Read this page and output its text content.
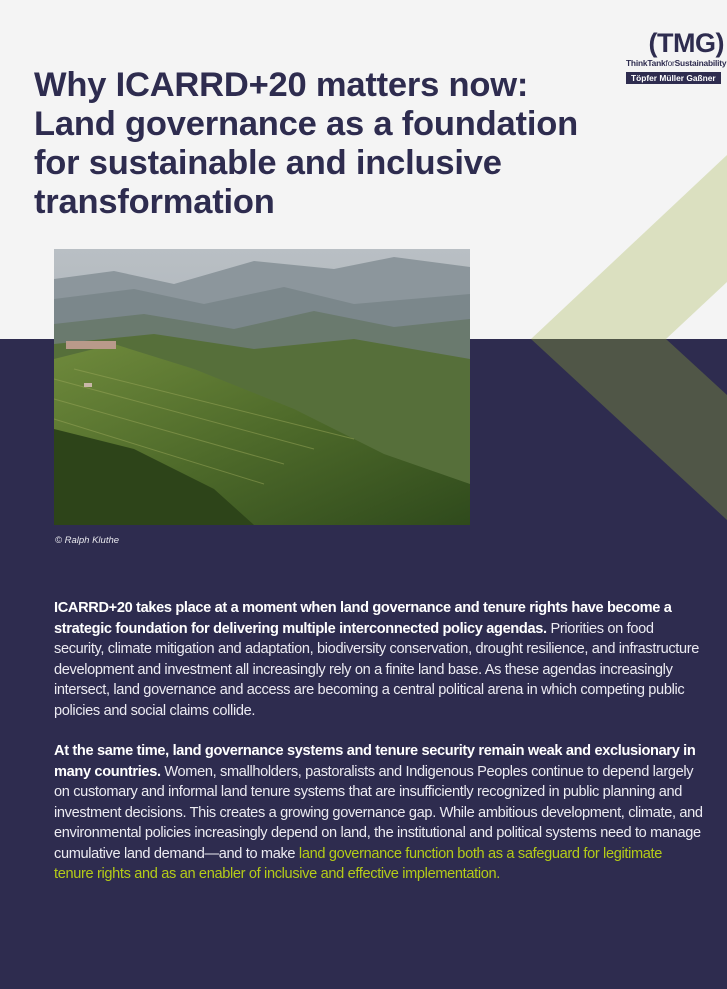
(TMG)
ThinkTankforSustainability
Töpfer Müller Gaßner
Why ICARRD+20 matters now: Land governance as a foundation for sustainable and inclusive transformation
© Ralph Kluthe

ICARRD+20 takes place at a moment when land governance and tenure rights have become a strategic foundation for delivering multiple interconnected policy agendas. Priorities on food security, climate mitigation and adaptation, biodiversity conservation, drought resilience, and infrastructure development and investment all increasingly rely on a finite land base. As these agendas increasingly intersect, land governance and access are becoming a central political arena in which competing public policies and social claims collide.

At the same time, land governance systems and tenure security remain weak and exclusionary in many countries. Women, smallholders, pastoralists and Indigenous Peoples continue to depend largely on customary and informal land tenure systems that are insufficiently recognized in public planning and investment decisions. This creates a growing governance gap. While ambitious development, climate, and environmental policies increasingly depend on land, the institutional and political systems need to manage cumulative land demand—and to make land governance function both as a safeguard for legitimate tenure rights and as an enabler of inclusive and effective implementation.
